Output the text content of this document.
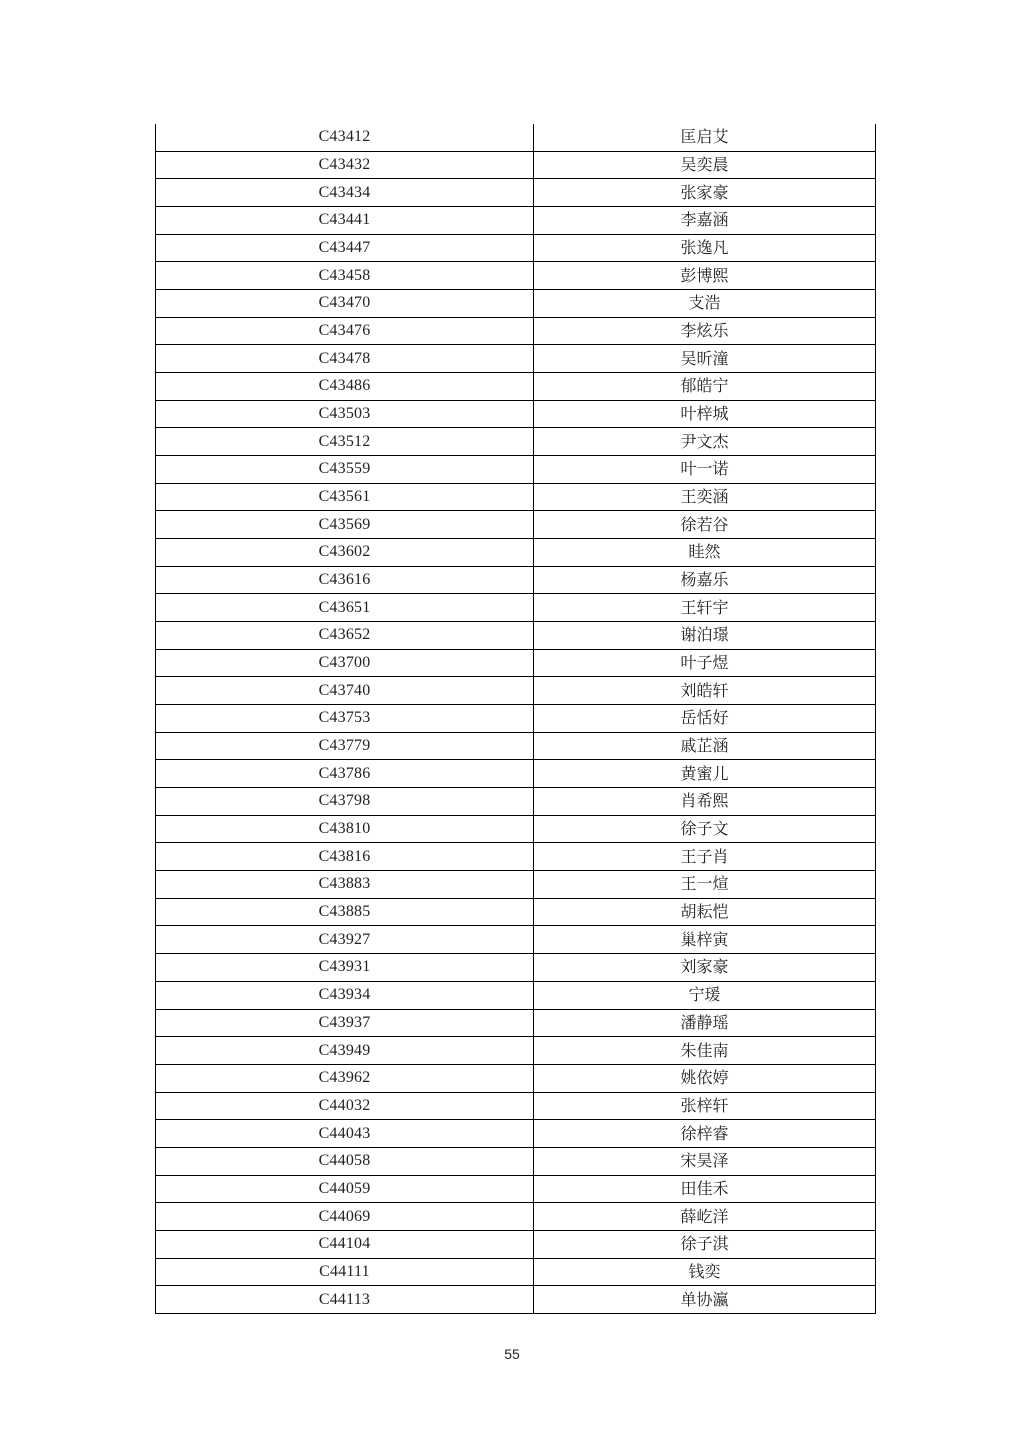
C43412	匡启艾
C43432	吴奕晨
C43434	张家豪
C43441	李嘉涵
C43447	张逸凡
C43458	彭博熙
C43470	支浩
C43476	李炫乐
C43478	吴昕潼
C43486	郁皓宁
C43503	叶梓城
C43512	尹文杰
C43559	叶一诺
C43561	王奕涵
C43569	徐若谷
C43602	眭然
C43616	杨嘉乐
C43651	王轩宇
C43652	谢泊璟
C43700	叶子煜
C43740	刘皓轩
C43753	岳恬好
C43779	戚芷涵
C43786	黄蜜儿
C43798	肖希熙
C43810	徐子文
C43816	王子肖
C43883	王一煊
C43885	胡耘恺
C43927	巢梓寅
C43931	刘家豪
C43934	宁瑗
C43937	潘静瑶
C43949	朱佳南
C43962	姚依婷
C44032	张梓轩
C44043	徐梓睿
C44058	宋昊泽
C44059	田佳禾
C44069	薛屹洋
C44104	徐子淇
C44111	钱奕
C44113	单协瀛
55
